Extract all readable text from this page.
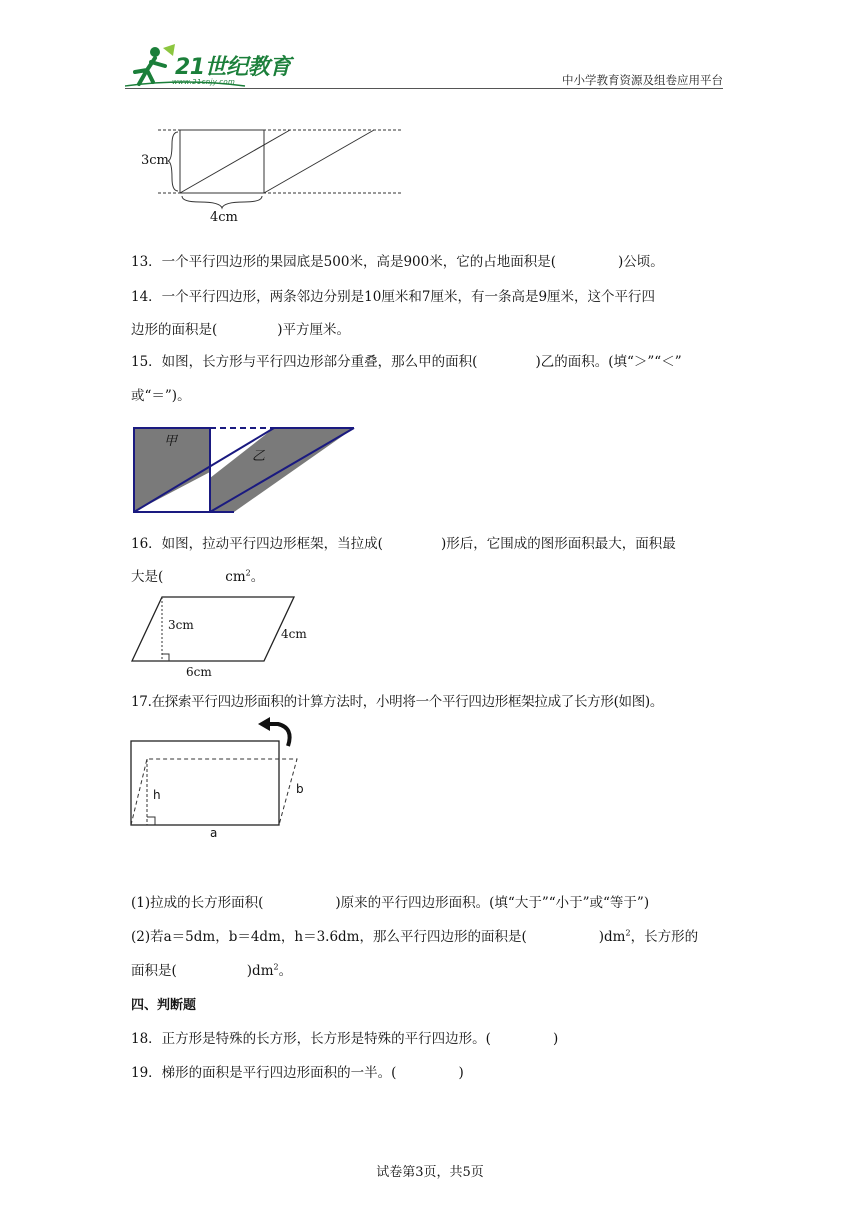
21世纪教育
www.21cnjy.com	中小学教育资源及组卷应用平台
3cm
4cm
13．一个平行四边形的果园底是500米，高是900米，它的占地面积是(	)公顷。
14．一个平行四边形，两条邻边分别是10厘米和7厘米，有一条高是9厘米，这个平行四
边形的面积是(	)平方厘米。
15．如图，长方形与平行四边形部分重叠，那么甲的面积(	)乙的面积。(填“＞”“＜”
或“＝”)。
甲
乙
16．如图，拉动平行四边形框架，当拉成(	)形后，它围成的图形面积最大，面积最
大是(	$cm^2$。
3cm
4cm
6cm
17.在探索平行四边形面积的计算方法时，小明将一个平行四边形框架拉成了长方形(如图)。
h	b
a
(1)拉成的长方形面积(	)原来的平行四边形面积。(填“大于”“小于”或“等于”)
(2)若a＝5dm，b＝4dm，h＝3.6dm，那么平行四边形的面积是(	)$dm^2$，长方形的
面积是(	)$dm^2$。
四、判断题
18．正方形是特殊的长方形，长方形是特殊的平行四边形。(	)
19．梯形的面积是平行四边形面积的一半。(	)
试卷第3页，共5页
